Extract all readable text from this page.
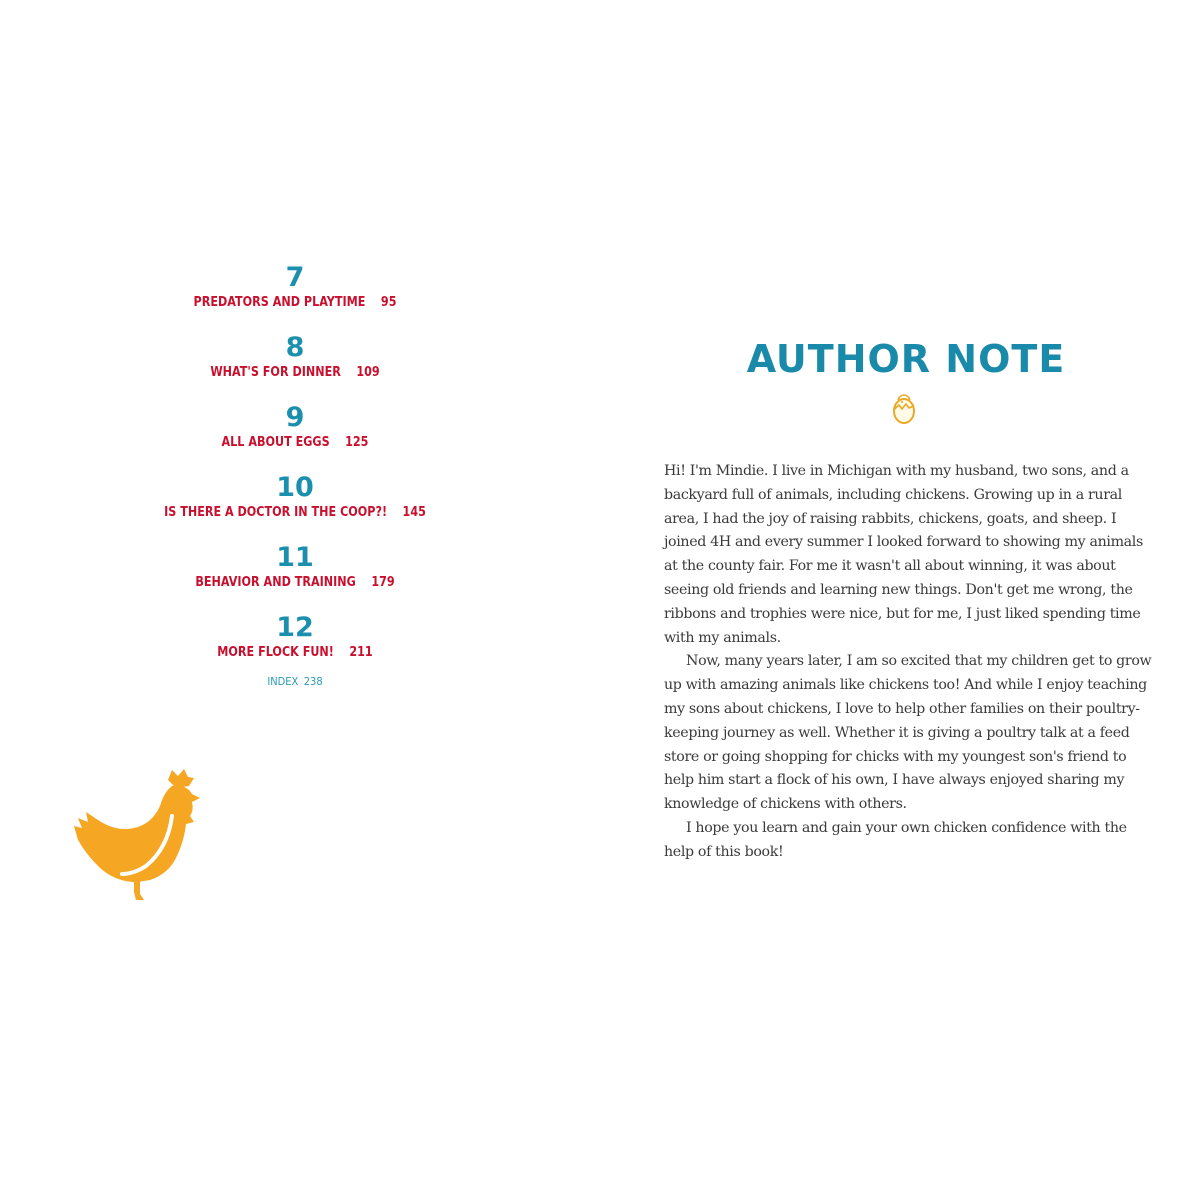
7
PREDATORS AND PLAYTIME 95
8
WHAT'S FOR DINNER 109
9
ALL ABOUT EGGS 125
10
IS THERE A DOCTOR IN THE COOP?! 145
11
BEHAVIOR AND TRAINING 179
12
MORE FLOCK FUN! 211
INDEX 238
AUTHOR NOTE

Hi! I'm Mindie. I live in Michigan with my husband, two sons, and a backyard full of animals, including chickens. Growing up in a rural area, I had the joy of raising rabbits, chickens, goats, and sheep. I joined 4H and every summer I looked forward to showing my animals at the county fair. For me it wasn't all about winning, it was about seeing old friends and learning new things. Don't get me wrong, the ribbons and trophies were nice, but for me, I just liked spending time with my animals.

Now, many years later, I am so excited that my children get to grow up with amazing animals like chickens too! And while I enjoy teaching my sons about chickens, I love to help other families on their poultry-keeping journey as well. Whether it is giving a poultry talk at a feed store or going shopping for chicks with my youngest son's friend to help him start a flock of his own, I have always enjoyed sharing my knowledge of chickens with others.

I hope you learn and gain your own chicken confidence with the help of this book!
